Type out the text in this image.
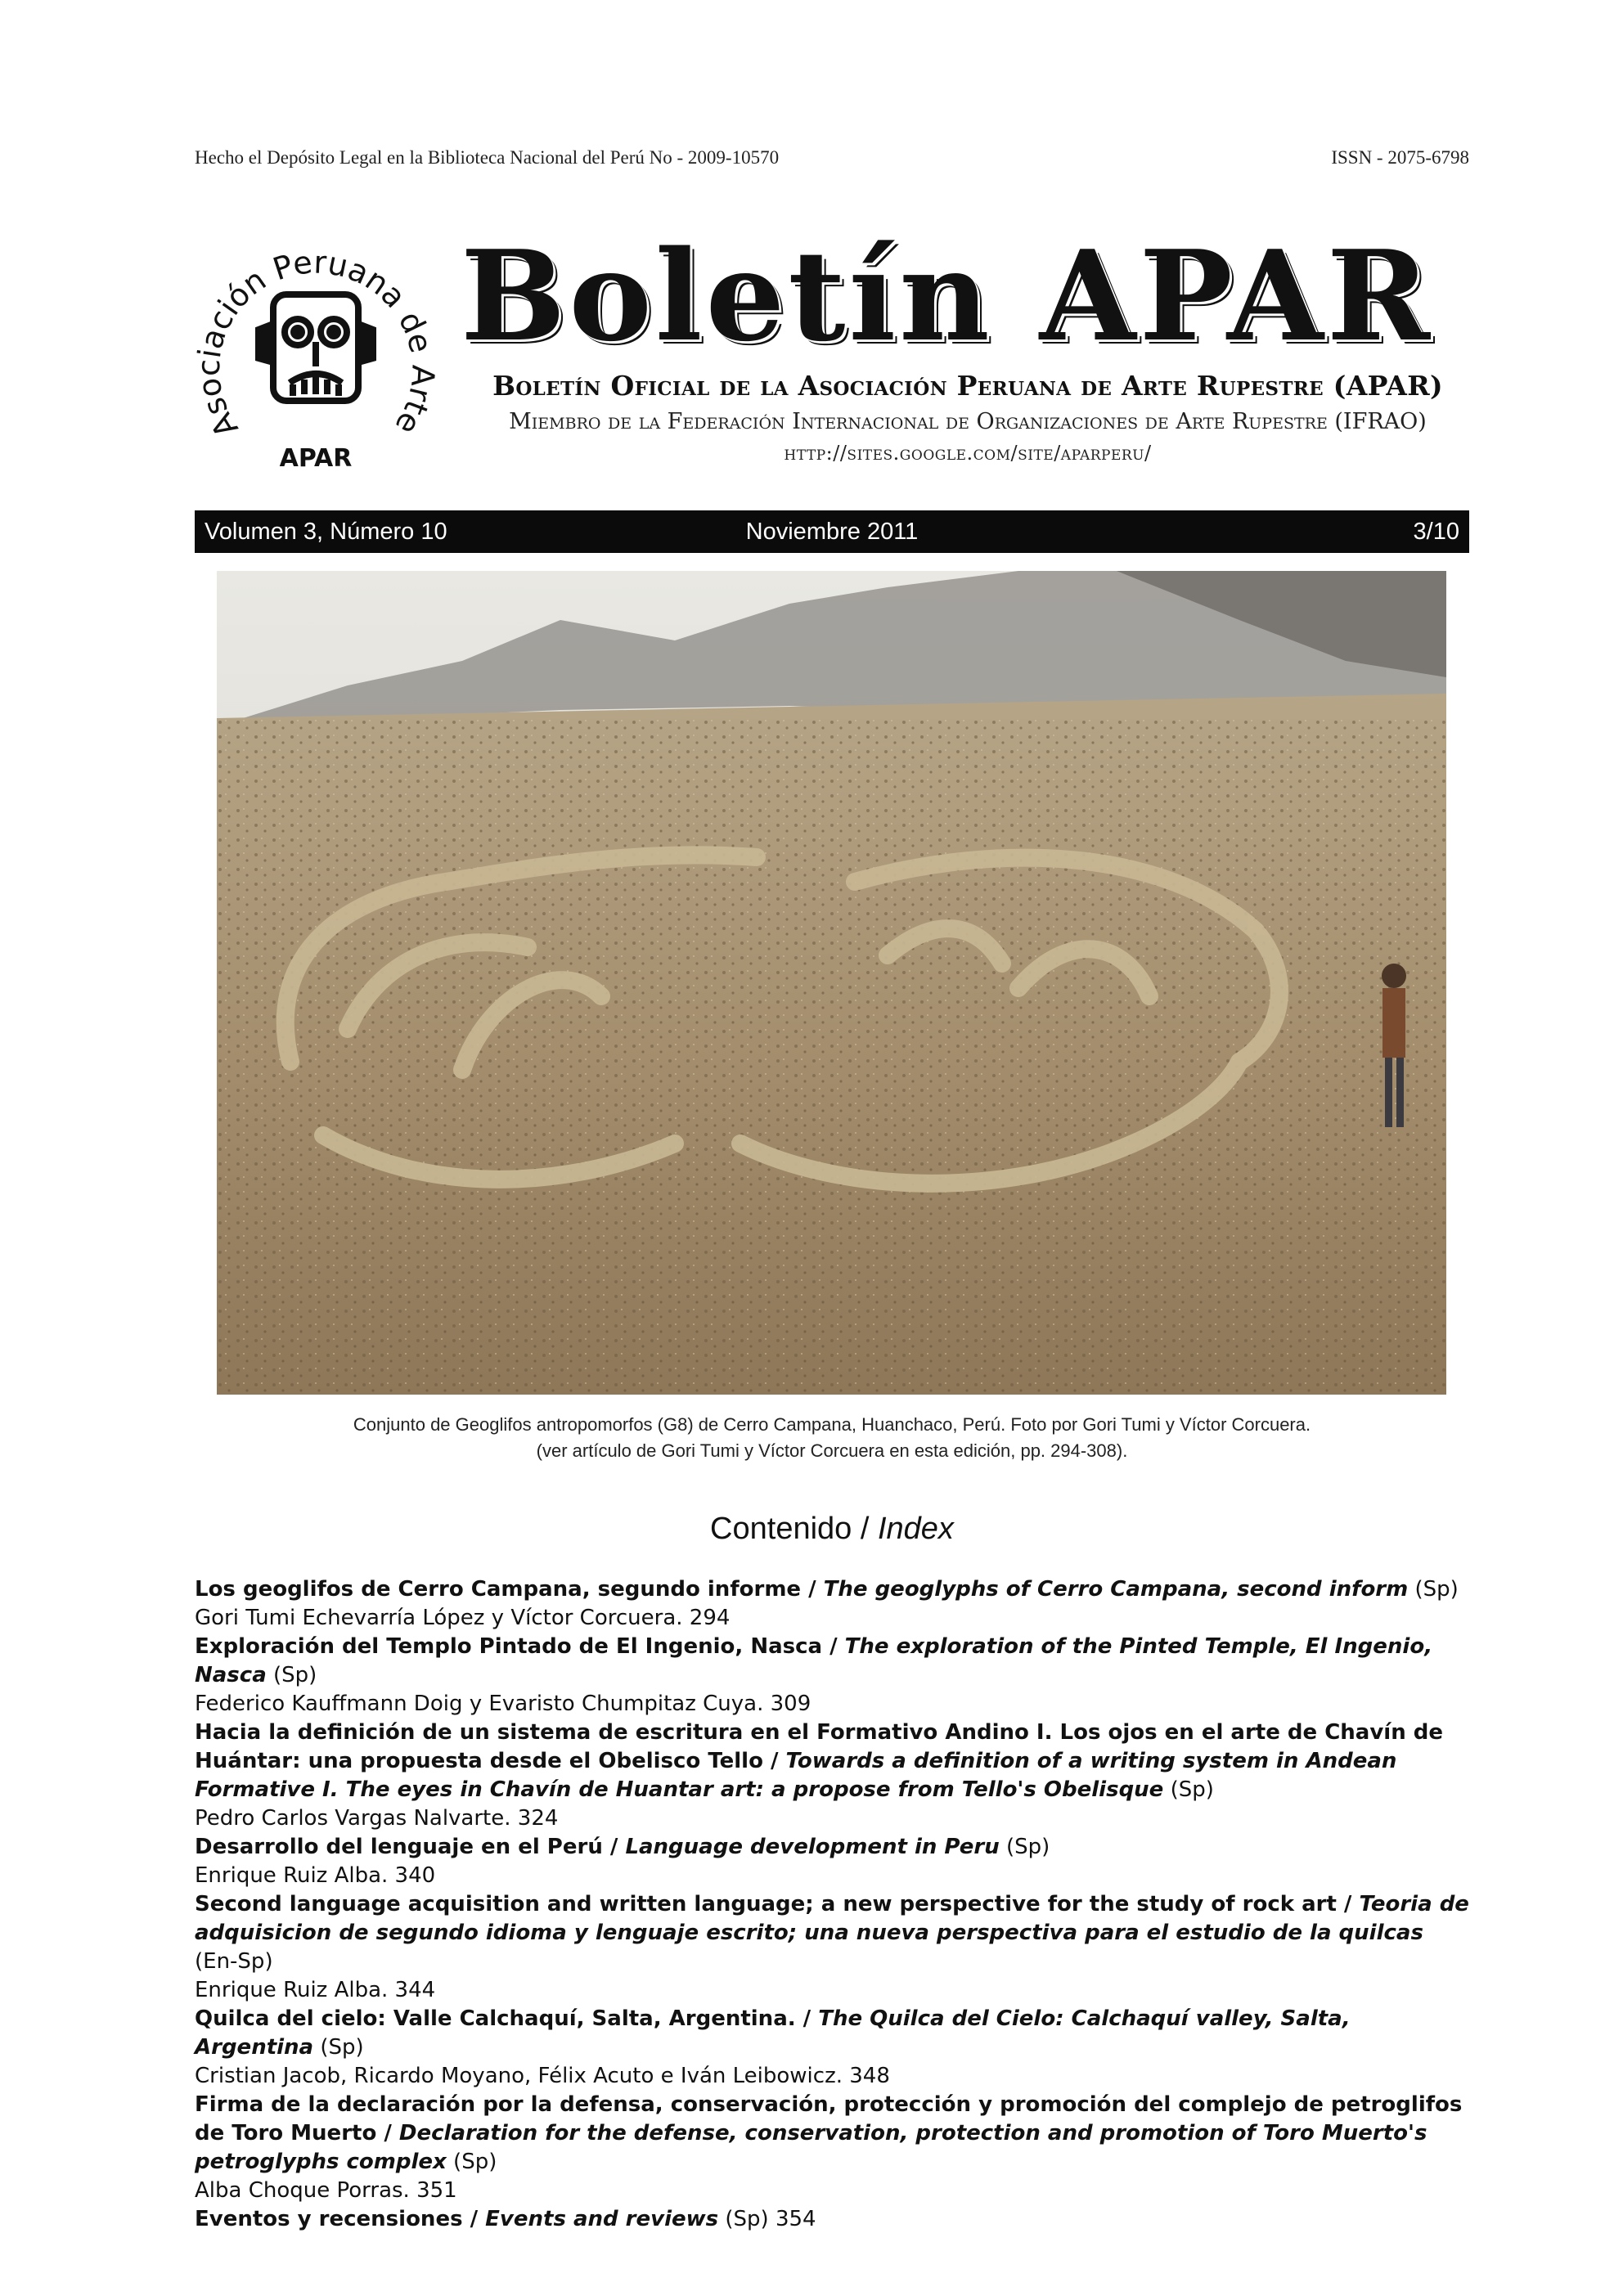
Hecho el Depósito Legal en la Biblioteca Nacional del Perú No - 2009-10570	ISSN - 2075-6798
Asociación Peruana de Arte
APAR
Boletín APAR
Boletín Oficial de la Asociación Peruana de Arte Rupestre (APAR)
Miembro de la Federación Internacional de Organizaciones de Arte Rupestre (IFRAO)
http://sites.google.com/site/aparperu/
Volumen 3, Número 10	Noviembre 2011	3/10
Conjunto de Geoglifos antropomorfos (G8) de Cerro Campana, Huanchaco, Perú. Foto por Gori Tumi y Víctor Corcuera.
(ver artículo de Gori Tumi y Víctor Corcuera en esta edición, pp. 294-308).
Contenido / Index

Los geoglifos de Cerro Campana, segundo informe / The geoglyphs of Cerro Campana, second inform (Sp)

Gori Tumi Echevarría López y Víctor Corcuera. 294

Exploración del Templo Pintado de El Ingenio, Nasca / The exploration of the Pinted Temple, El Ingenio, Nasca (Sp)

Federico Kauffmann Doig y Evaristo Chumpitaz Cuya. 309

Hacia la definición de un sistema de escritura en el Formativo Andino I. Los ojos en el arte de Chavín de Huántar: una propuesta desde el Obelisco Tello / Towards a definition of a writing system in Andean Formative I. The eyes in Chavín de Huantar art: a propose from Tello's Obelisque (Sp)

Pedro Carlos Vargas Nalvarte. 324

Desarrollo del lenguaje en el Perú / Language development in Peru (Sp)

Enrique Ruiz Alba. 340

Second language acquisition and written language; a new perspective for the study of rock art / Teoria de adquisicion de segundo idioma y lenguaje escrito; una nueva perspectiva para el estudio de la quilcas (En-Sp)

Enrique Ruiz Alba. 344

Quilca del cielo: Valle Calchaquí, Salta, Argentina. / The Quilca del Cielo: Calchaquí valley, Salta, Argentina (Sp)

Cristian Jacob, Ricardo Moyano, Félix Acuto e Iván Leibowicz. 348

Firma de la declaración por la defensa, conservación, protección y promoción del complejo de petroglifos de Toro Muerto / Declaration for the defense, conservation, protection and promotion of Toro Muerto's petroglyphs complex (Sp)

Alba Choque Porras. 351

Eventos y recensiones / Events and reviews (Sp) 354
